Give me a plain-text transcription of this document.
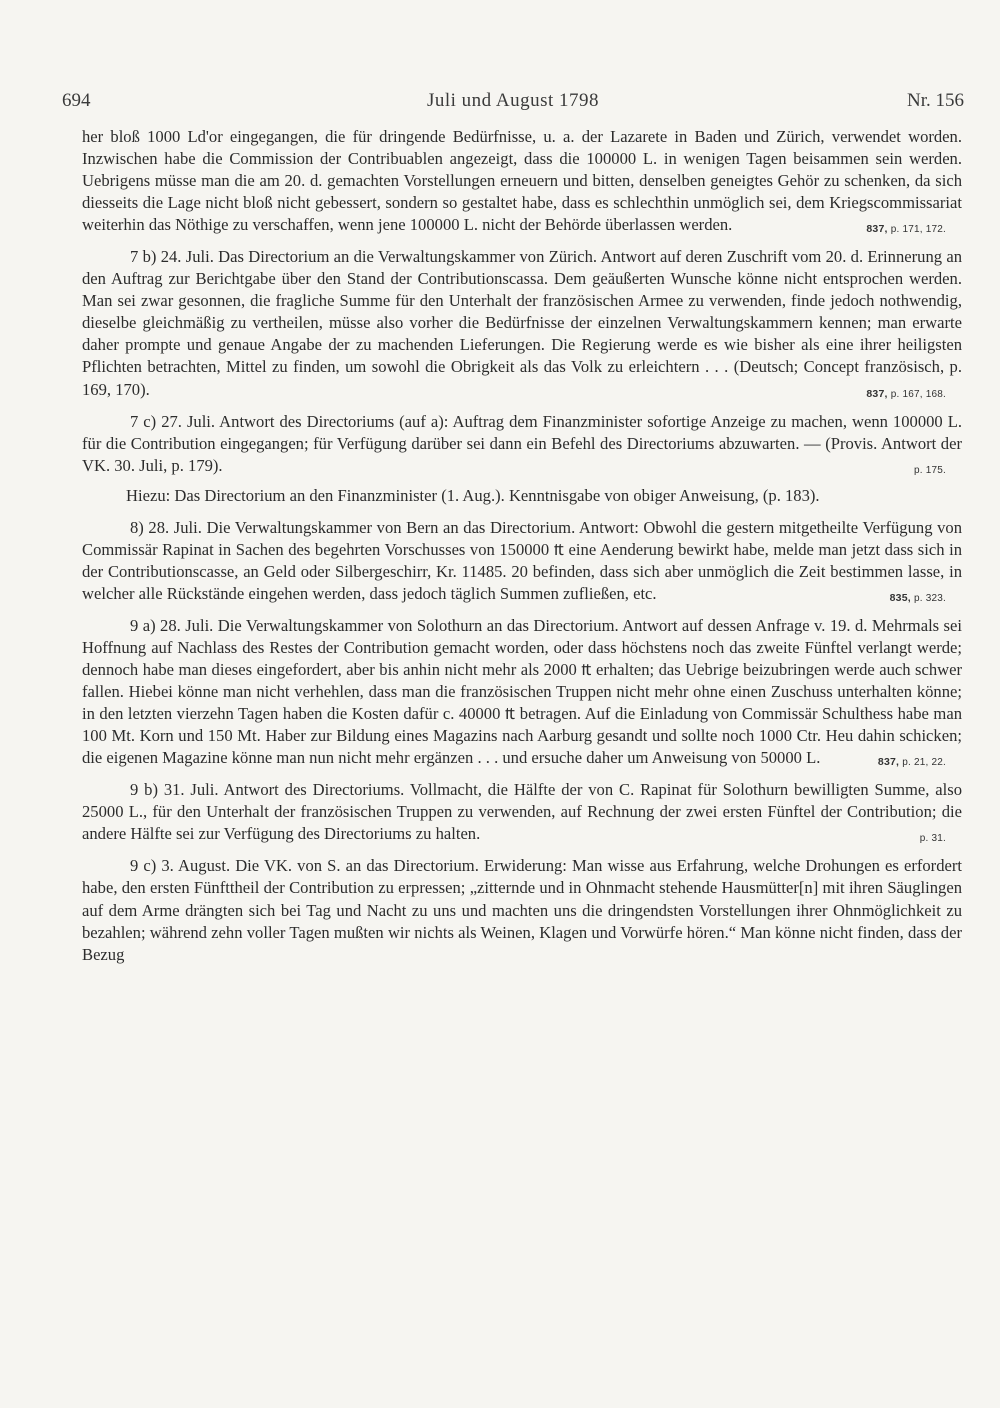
694	Juli und August 1798	Nr. 156

her bloß 1000 Ld'or eingegangen, die für dringende Bedürfnisse, u. a. der Lazarete in Baden und Zürich, verwendet worden. Inzwischen habe die Commission der Contribuablen angezeigt, dass die 100000 L. in wenigen Tagen beisammen sein werden. Uebrigens müsse man die am 20. d. gemachten Vorstellungen erneuern und bitten, denselben geneigtes Gehör zu schenken, da sich diesseits die Lage nicht bloß nicht gebessert, sondern so gestaltet habe, dass es schlechthin unmöglich sei, dem Kriegscommissariat weiterhin das Nöthige zu verschaffen, wenn jene 100000 L. nicht der Behörde überlassen werden.	837, p. 171, 172.

7 b) 24. Juli. Das Directorium an die Verwaltungskammer von Zürich. Antwort auf deren Zuschrift vom 20. d. Erinnerung an den Auftrag zur Berichtgabe über den Stand der Contributionscassa. Dem geäußerten Wunsche könne nicht entsprochen werden. Man sei zwar gesonnen, die fragliche Summe für den Unterhalt der französischen Armee zu verwenden, finde jedoch nothwendig, dieselbe gleichmäßig zu vertheilen, müsse also vorher die Bedürfnisse der einzelnen Verwaltungskammern kennen; man erwarte daher prompte und genaue Angabe der zu machenden Lieferungen. Die Regierung werde es wie bisher als eine ihrer heiligsten Pflichten betrachten, Mittel zu finden, um sowohl die Obrigkeit als das Volk zu erleichtern . . . (Deutsch; Concept französisch, p. 169, 170).	837, p. 167, 168.

7 c) 27. Juli. Antwort des Directoriums (auf a): Auftrag dem Finanzminister sofortige Anzeige zu machen, wenn 100000 L. für die Contribution eingegangen; für Verfügung darüber sei dann ein Befehl des Directoriums abzuwarten. — (Provis. Antwort der VK. 30. Juli, p. 179).	p. 175.

Hiezu: Das Directorium an den Finanzminister (1. Aug.). Kenntnisgabe von obiger Anweisung, (p. 183).

8) 28. Juli. Die Verwaltungskammer von Bern an das Directorium. Antwort: Obwohl die gestern mitgetheilte Verfügung von Commissär Rapinat in Sachen des begehrten Vorschusses von 150000 ₶ eine Aenderung bewirkt habe, melde man jetzt dass sich in der Contributionscasse, an Geld oder Silbergeschirr, Kr. 11485. 20 befinden, dass sich aber unmöglich die Zeit bestimmen lasse, in welcher alle Rückstände eingehen werden, dass jedoch täglich Summen zufließen, etc.	835, p. 323.

9 a) 28. Juli. Die Verwaltungskammer von Solothurn an das Directorium. Antwort auf dessen Anfrage v. 19. d. Mehrmals sei Hoffnung auf Nachlass des Restes der Contribution gemacht worden, oder dass höchstens noch das zweite Fünftel verlangt werde; dennoch habe man dieses eingefordert, aber bis anhin nicht mehr als 2000 ₶ erhalten; das Uebrige beizubringen werde auch schwer fallen. Hiebei könne man nicht verhehlen, dass man die französischen Truppen nicht mehr ohne einen Zuschuss unterhalten könne; in den letzten vierzehn Tagen haben die Kosten dafür c. 40000 ₶ betragen. Auf die Einladung von Commissär Schulthess habe man 100 Mt. Korn und 150 Mt. Haber zur Bildung eines Magazins nach Aarburg gesandt und sollte noch 1000 Ctr. Heu dahin schicken; die eigenen Magazine könne man nun nicht mehr ergänzen . . . und ersuche daher um Anweisung von 50000 L.	837, p. 21, 22.

9 b) 31. Juli. Antwort des Directoriums. Vollmacht, die Hälfte der von C. Rapinat für Solothurn bewilligten Summe, also 25000 L., für den Unterhalt der französischen Truppen zu verwenden, auf Rechnung der zwei ersten Fünftel der Contribution; die andere Hälfte sei zur Verfügung des Directoriums zu halten.	p. 31.

9 c) 3. August. Die VK. von S. an das Directorium. Erwiderung: Man wisse aus Erfahrung, welche Drohungen es erfordert habe, den ersten Fünfttheil der Contribution zu erpressen; „zitternde und in Ohnmacht stehende Hausmütter[n] mit ihren Säuglingen auf dem Arme drängten sich bei Tag und Nacht zu uns und machten uns die dringendsten Vorstellungen ihrer Ohnmöglichkeit zu bezahlen; während zehn voller Tagen mußten wir nichts als Weinen, Klagen und Vorwürfe hören.“ Man könne nicht finden, dass der Bezug
